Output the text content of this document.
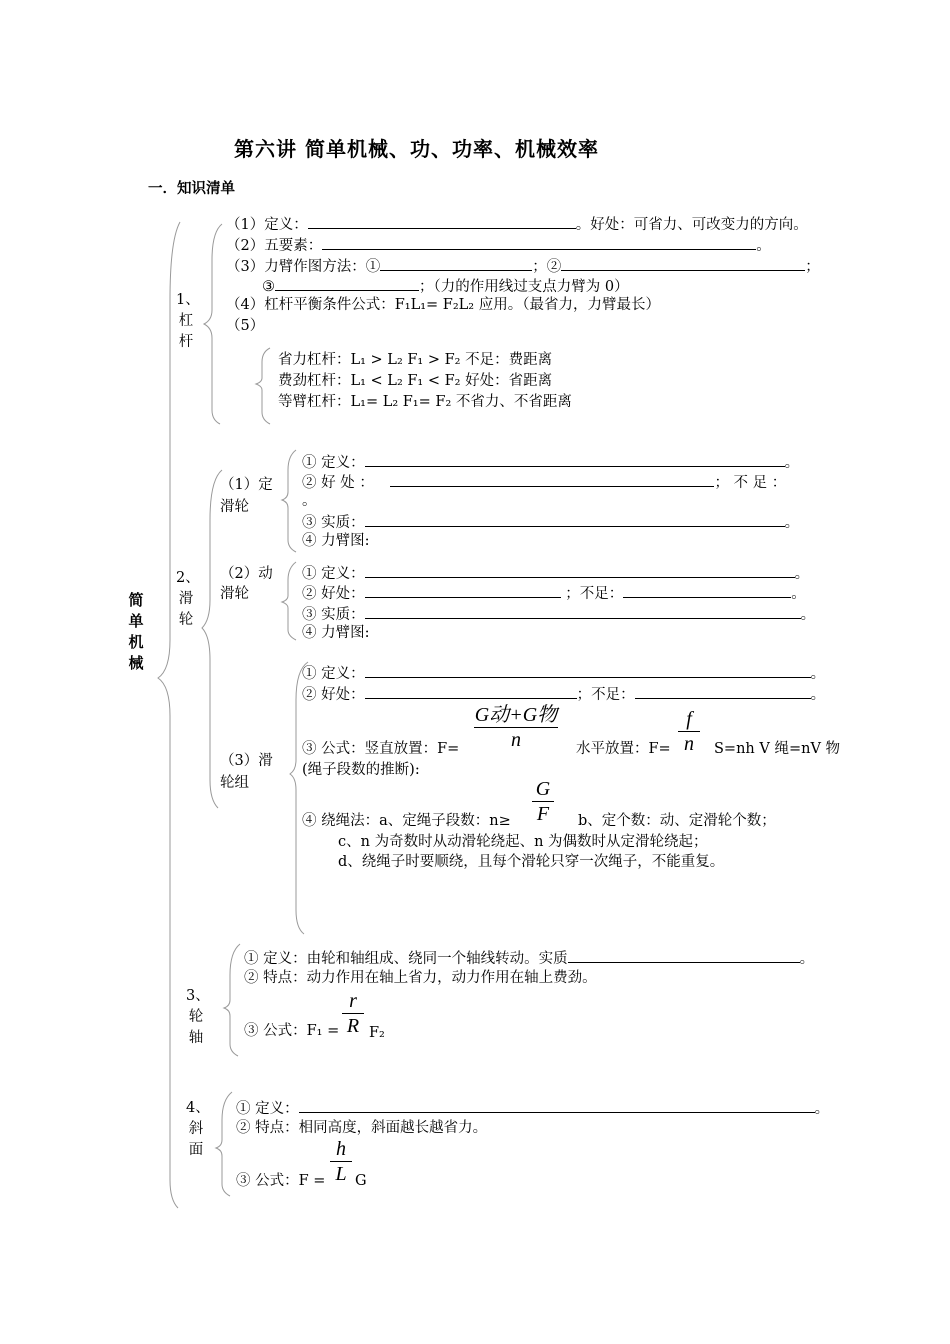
第六讲 简单机械、功、功率、机械效率
一．知识清单
简单机械
1、杠杆
（1）定义：	。好处：可省力、可改变力的方向。
（2）五要素：	。
（3）力臂作图方法：①	；②	；
③	；（力的作用线过支点力臂为 0）
（4）杠杆平衡条件公式：F₁L₁= F₂L₂ 应用。（最省力，力臂最长）
（5）
省力杠杆：L₁ > L₂ F₁ > F₂ 不足：费距离
费劲杠杆：L₁ < L₂ F₁ < F₂ 好处：省距离
等臂杠杆：L₁= L₂ F₁= F₂ 不省力、不省距离
2、滑轮
（1）定滑轮
① 定义：	。
② 好 处 ：	； 不 足 ：
。
③ 实质：	。
④ 力臂图:
（2）动滑轮
① 定义：	。
② 好处：	；不足：	。
③ 实质：	。
④ 力臂图:
（3）滑轮组
① 定义：	。
② 好处：	；不足：	。
G动+G物
n
③ 公式：竖直放置：F=	水平放置：F=
f
n	S=nh V 绳=nV 物
(绳子段数的推断):
G
F
④ 绕绳法：a、定绳子段数：n≥	b、定个数：动、定滑轮个数；
c、n 为奇数时从动滑轮绕起、n 为偶数时从定滑轮绕起；
d、绕绳子时要顺绕，且每个滑轮只穿一次绳子，不能重复。
3、轮轴
① 定义：由轮和轴组成、绕同一个轴线转动。实质	。
② 特点：动力作用在轴上省力，动力作用在轴上费劲。
r
R
③ 公式：F₁ = F₂
4、斜面
① 定义：	。
② 特点：相同高度，斜面越长越省力。
h
L
③ 公式：F = G
